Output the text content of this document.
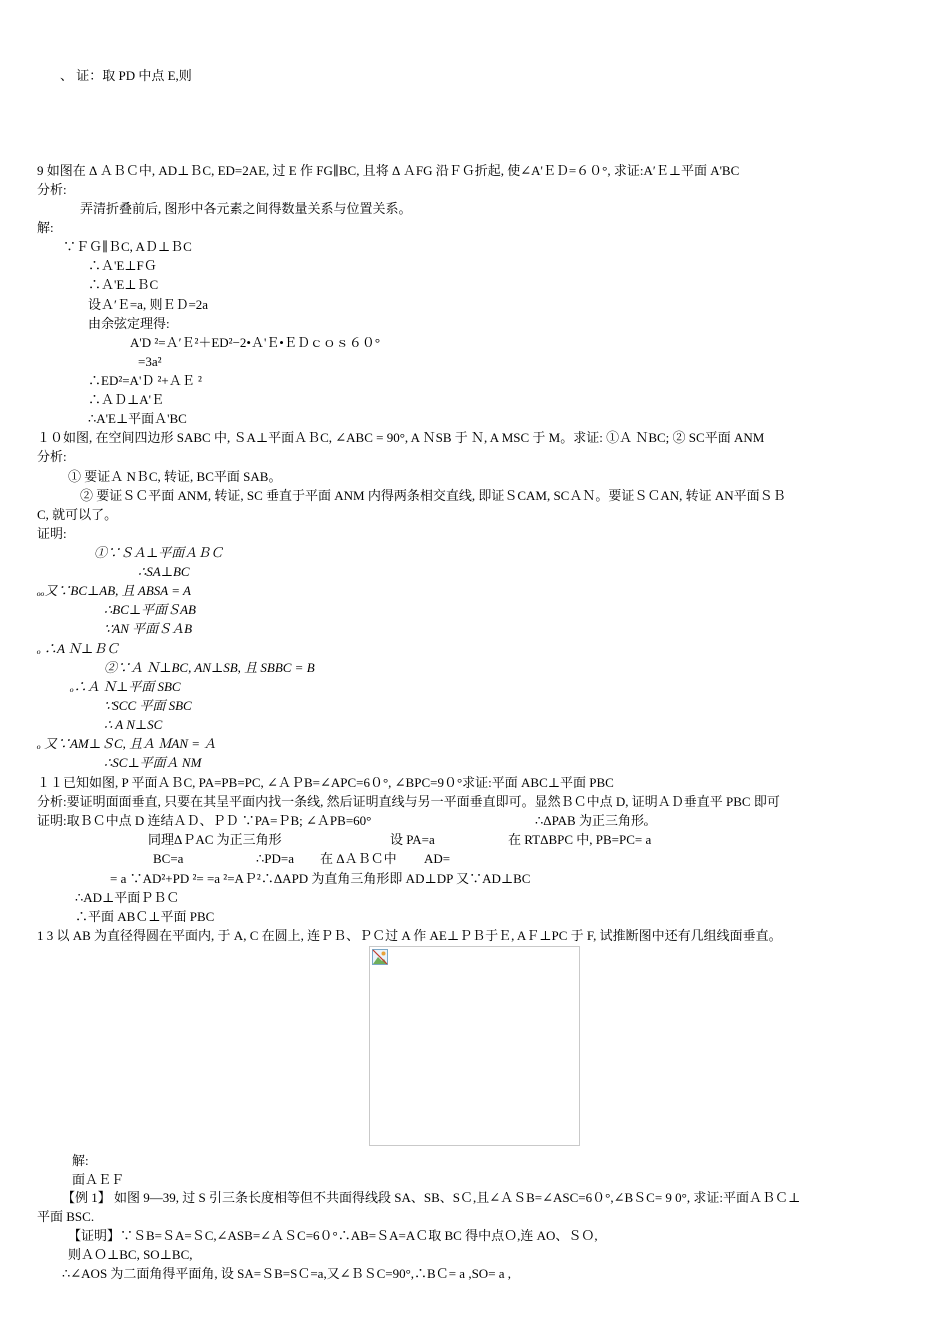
、 证：取 PD 中点 E,则
9 如图在 Δ ＡＢＣ中, AD⊥ＢC, ED=2AE, 过 E 作 FG∥BC, 且将 Δ ＡFG 沿ＦＧ折起, 使∠A'ＥＤ=６０°, 求证:A′Ｅ⊥平面 A'BC
分析:
弄清折叠前后, 图形中各元素之间得数量关系与位置关系。
解:
∵ＦＧ∥ＢC, AＤ⊥ＢC
∴Ａ'E⊥FＧ
∴Ａ'E⊥ＢC
设Ａ′Ｅ=a, 则ＥＤ=2a
由余弦定理得:
A'D ²=Ａ′Ｅ²＋ED²−2•Ａ'Ｅ•ＥＤｃｏｓ６０°
=3a²
∴ED²=A'Ｄ ²+ＡＥ ²
∴ＡＤ⊥A'Ｅ
∴A'E⊥平面Ａ'BC
１０如图, 在空间四边形 SABC 中, ＳA⊥平面ＡＢC, ∠ABC = 90°, A ＮSB 于 Ｎ, A MSC 于 M。求证: ①Ａ ＮBC; ② SC平面 ANM
分析:
① 要证Ａ NＢC, 转证, BC平面 SAB。
② 要证ＳＣ平面 ANM, 转证, SC 垂直于平面 ANM 内得两条相交直线, 即证ＳCAM, SCＡＮ。要证ＳＣAN, 转证 AN平面ＳＢ
C, 就可以了。
证明:
①∵ＳＡ⊥平面ＡＢＣ
∴SA⊥BC
ₒₒ又∵BC⊥AB, 且 ABSA = A
∴BC⊥平面ＳAB
∵AN 平面ＳＡB
ₒ ∴A Ｎ⊥ＢＣ
②∵Ａ Ｎ⊥BC, AN⊥SB, 且 SBBC = B
ₒ∴Ａ Ｎ⊥平面 SBC
∵SCC 平面 SBC
∴ A N⊥SC
ₒ 又∵AM⊥ＳC, 且Ａ ＭAN = Ａ
∴SC⊥平面Ａ NM
１１已知如图, P 平面ＡＢC, PA=PB=PC, ∠ＡＰB=∠APC=6０°, ∠BPC=9０°求证:平面 ABC⊥平面 PBC
分析:要证明面面垂直, 只要在其呈平面内找一条线, 然后证明直线与另一平面垂直即可。显然ＢＣ中点 D, 证明ＡＤ垂直平 PBC 即可
证明:取ＢＣ中点 D 连结ＡＤ、ＰＤ ∵PA=ＰB; ∠ＡPB=60°	∴ΔPAB 为正三角形ₒ
同理ΔＰAC 为正三角形	设 PA=a	在 RTΔBPC 中, PB=PC= a
BC=a	∴PD=a 在 ΔＡＢＣ中 AD=
= a ∵AD²+PD ²= =a ²=AＰ²∴ΔAPD 为直角三角形即 AD⊥DP 又∵AD⊥BC
∴AD⊥平面ＰＢＣ
∴平面 ABＣ⊥平面 PBC
1 3 以 AB 为直径得圆在平面内, 于 A, C 在圆上, 连ＰＢ、ＰＣ过 A 作 AE⊥ＰＢ于Ｅ, AＦ⊥PC 于 F, 试推断图中还有几组线面垂直。
解:
面ＡＥＦ
【例 1】 如图 9—39, 过 S 引三条长度相等但不共面得线段 SA、SB、SＣ,且∠ＡＳB=∠ASC=6０°,∠BＳC= 9 0°, 求证:平面ＡＢＣ⊥
平面 BSC.
【证明】∵ＳB=ＳA=ＳC,∠ASB=∠ＡＳC=6０°∴AB=ＳA=AＣ取 BC 得中点Ｏ,连 AO、ＳＯ,
则ＡＯ⊥BC, SO⊥BC,
∴∠AOS 为二面角得平面角, 设 SA=ＳB=SＣ=a,又∠ＢＳC=90°,∴BＣ= a ,SO= a ,
